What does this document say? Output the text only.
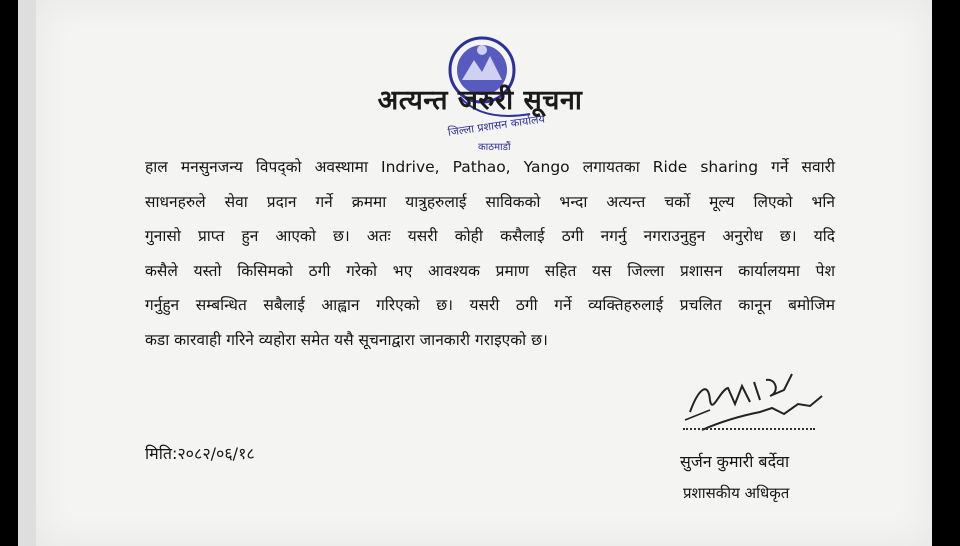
जिल्ला प्रशासन कार्यालय
काठमाडौं
अत्यन्त जरुरी सूचना
हाल मनसुनजन्य विपद्को अवस्थामा Indrive, Pathao, Yango लगायतका Ride sharing गर्ने सवारी
साधनहरुले सेवा प्रदान गर्ने क्रममा यात्रुहरुलाई साविकको भन्दा अत्यन्त चर्को मूल्य लिएको भनि
गुनासो प्राप्त हुन आएको छ। अतः यसरी कोही कसैलाई ठगी नगर्नु नगराउनुहुन अनुरोध छ। यदि
कसैले यस्तो किसिमको ठगी गरेको भए आवश्यक प्रमाण सहित यस जिल्ला प्रशासन कार्यालयमा पेश
गर्नुहुन सम्बन्धित सबैलाई आह्वान गरिएको छ। यसरी ठगी गर्ने व्यक्तिहरुलाई प्रचलित कानून बमोजिम
कडा कारवाही गरिने व्यहोरा समेत यसै सूचनाद्वारा जानकारी गराइएको छ।
मिति:२०८२/०६/१८	सुर्जन कुमारी बर्देवा
प्रशासकीय अधिकृत
